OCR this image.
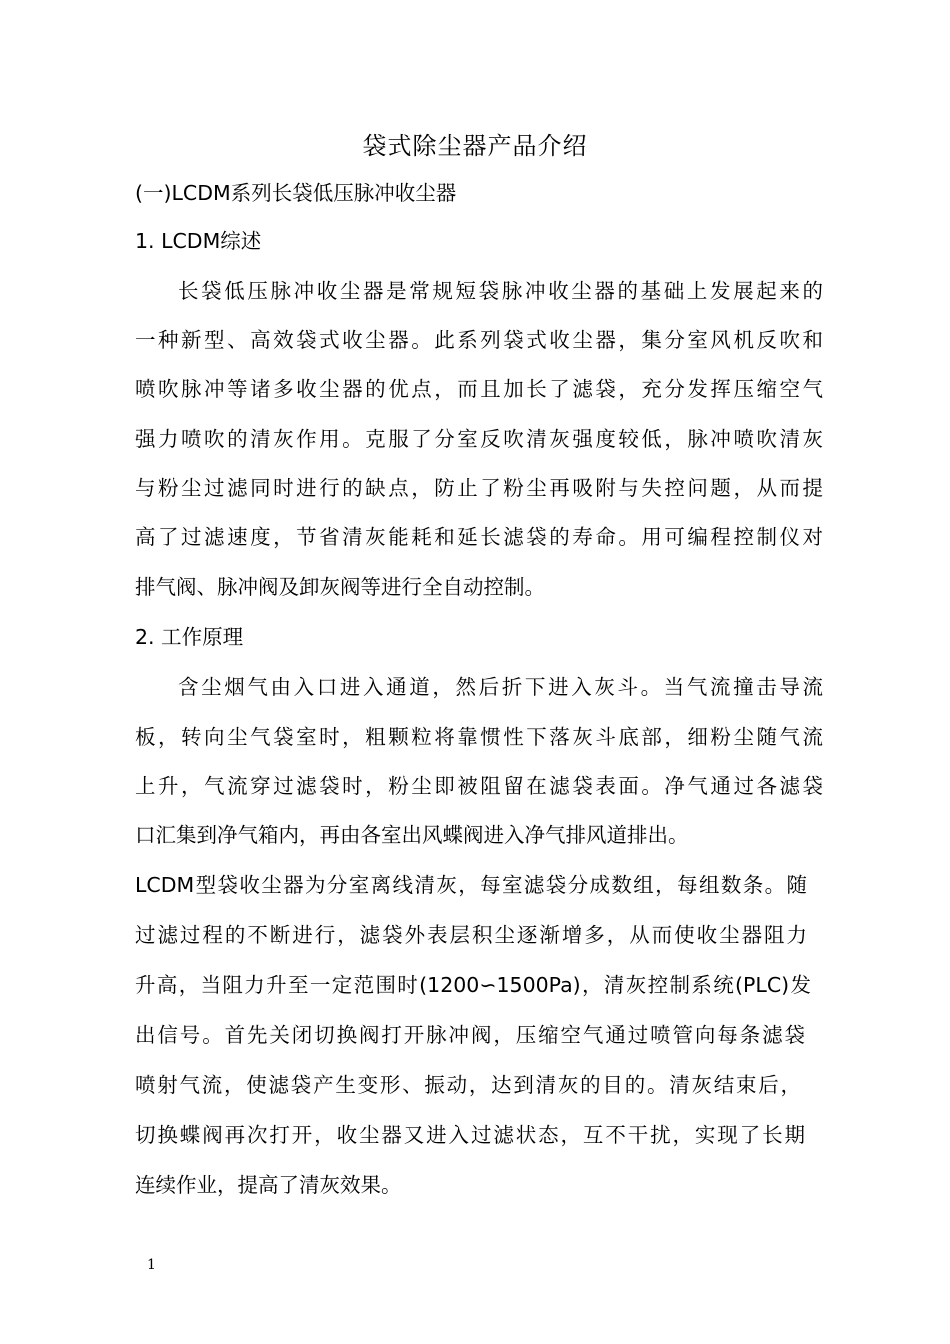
袋式除尘器产品介绍
(一)LCDM系列长袋低压脉冲收尘器
1. LCDM综述
长袋低压脉冲收尘器是常规短袋脉冲收尘器的基础上发展起来的
一种新型、高效袋式收尘器。此系列袋式收尘器，集分室风机反吹和
喷吹脉冲等诸多收尘器的优点，而且加长了滤袋，充分发挥压缩空气
强力喷吹的清灰作用。克服了分室反吹清灰强度较低，脉冲喷吹清灰
与粉尘过滤同时进行的缺点，防止了粉尘再吸附与失控问题，从而提
高了过滤速度，节省清灰能耗和延长滤袋的寿命。用可编程控制仪对
排气阀、脉冲阀及卸灰阀等进行全自动控制。
2. 工作原理
含尘烟气由入口进入通道，然后折下进入灰斗。当气流撞击导流
板，转向尘气袋室时，粗颗粒将靠惯性下落灰斗底部，细粉尘随气流
上升，气流穿过滤袋时，粉尘即被阻留在滤袋表面。净气通过各滤袋
口汇集到净气箱内，再由各室出风蝶阀进入净气排风道排出。
LCDM型袋收尘器为分室离线清灰，每室滤袋分成数组，每组数条。随
过滤过程的不断进行，滤袋外表层积尘逐渐增多，从而使收尘器阻力
升高，当阻力升至一定范围时(1200∽1500Pa)，清灰控制系统(PLC)发
出信号。首先关闭切换阀打开脉冲阀，压缩空气通过喷管向每条滤袋
喷射气流，使滤袋产生变形、振动，达到清灰的目的。清灰结束后，
切换蝶阀再次打开，收尘器又进入过滤状态，互不干扰，实现了长期
连续作业，提高了清灰效果。
1
